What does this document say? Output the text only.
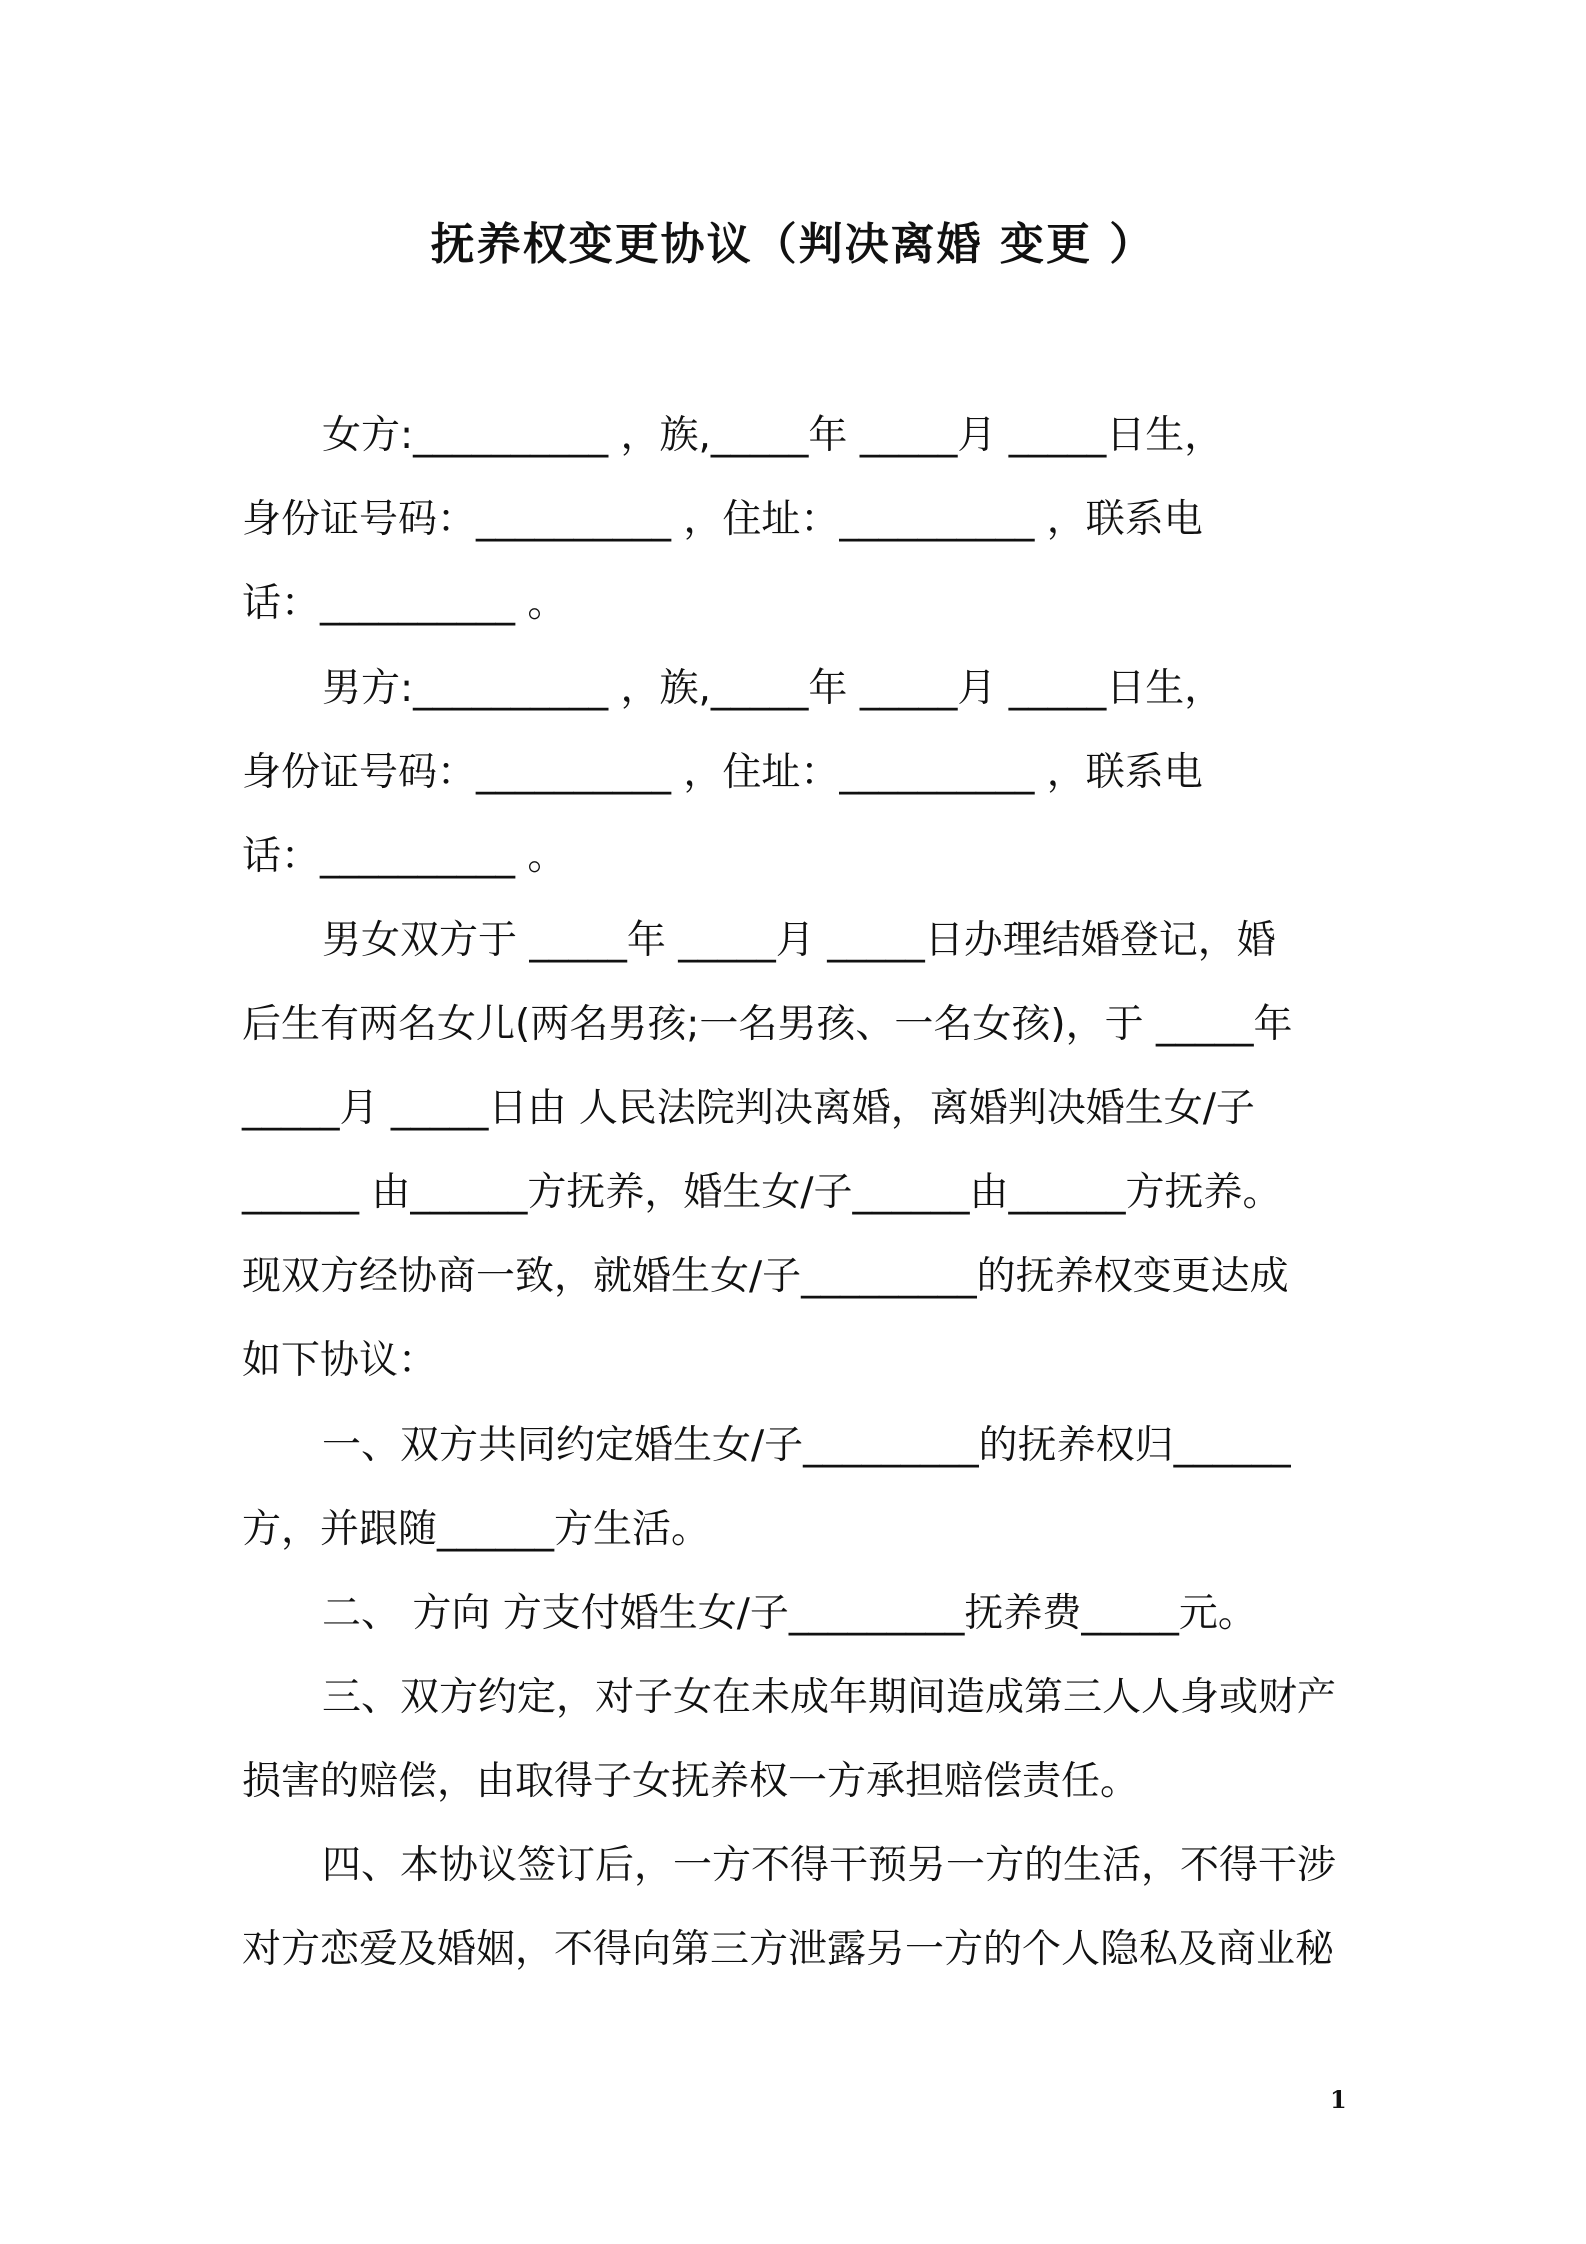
抚养权变更协议（判决离婚 变更 ）

女方:__________ ，族,_____年 _____月 _____日生，

身份证号码：__________ ，住址：__________ ，联系电

话：__________ 。

男方:__________ ，族,_____年 _____月 _____日生，

身份证号码：__________ ，住址：__________ ，联系电

话：__________ 。

男女双方于 _____年 _____月 _____日办理结婚登记，婚

后生有两名女儿(两名男孩;一名男孩、一名女孩)，于 _____年

_____月 _____日由 人民法院判决离婚，离婚判决婚生女/子

______ 由______方抚养，婚生女/子______由______方抚养。

现双方经协商一致，就婚生女/子_________的抚养权变更达成

如下协议：

一、双方共同约定婚生女/子_________的抚养权归______

方，并跟随______方生活。

二、 方向 方支付婚生女/子_________抚养费_____元。

三、双方约定，对子女在未成年期间造成第三人人身或财产

损害的赔偿，由取得子女抚养权一方承担赔偿责任。

四、本协议签订后，一方不得干预另一方的生活，不得干涉

对方恋爱及婚姻，不得向第三方泄露另一方的个人隐私及商业秘

1
